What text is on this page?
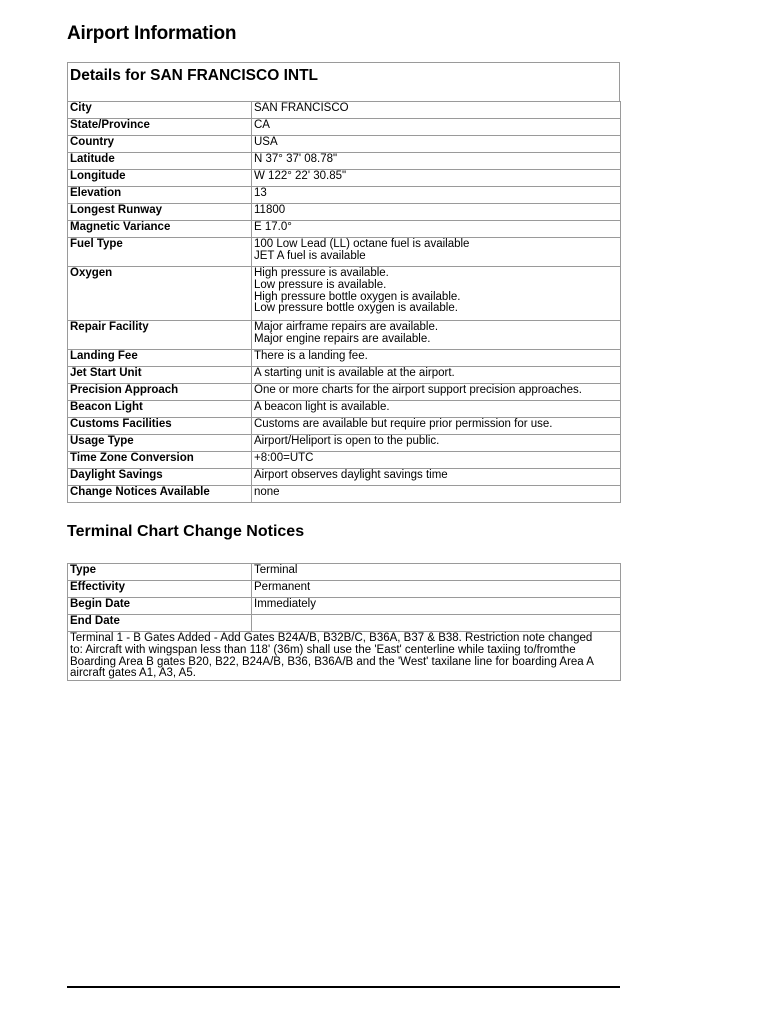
Airport Information
Details for SAN FRANCISCO INTL
City	SAN FRANCISCO

State/Province	CA

Country	USA

Latitude	N 37° 37' 08.78"

Longitude	W 122° 22' 30.85"

Elevation	13

Longest Runway	11800

Magnetic Variance	E 17.0°

Fuel Type	100 Low Lead (LL) octane fuel is available
JET A fuel is available

Oxygen	High pressure is available.
Low pressure is available.
High pressure bottle oxygen is available.
Low pressure bottle oxygen is available.

Repair Facility	Major airframe repairs are available.
Major engine repairs are available.

Landing Fee	There is a landing fee.

Jet Start Unit	A starting unit is available at the airport.

Precision Approach	One or more charts for the airport support precision approaches.

Beacon Light	A beacon light is available.

Customs Facilities	Customs are available but require prior permission for use.

Usage Type	Airport/Heliport is open to the public.

Time Zone Conversion	+8:00=UTC

Daylight Savings	Airport observes daylight savings time

Change Notices Available	none
Terminal Chart Change Notices
Type	Terminal

Effectivity	Permanent

Begin Date	Immediately

End Date	

Terminal 1 - B Gates Added - Add Gates B24A/B, B32B/C, B36A, B37 & B38. Restriction note changed
to: Aircraft with wingspan less than 118' (36m) shall use the 'East' centerline while taxiing to/fromthe
Boarding Area B gates B20, B22, B24A/B, B36, B36A/B and the 'West' taxilane line for boarding Area A
aircraft gates A1, A3, A5.	
